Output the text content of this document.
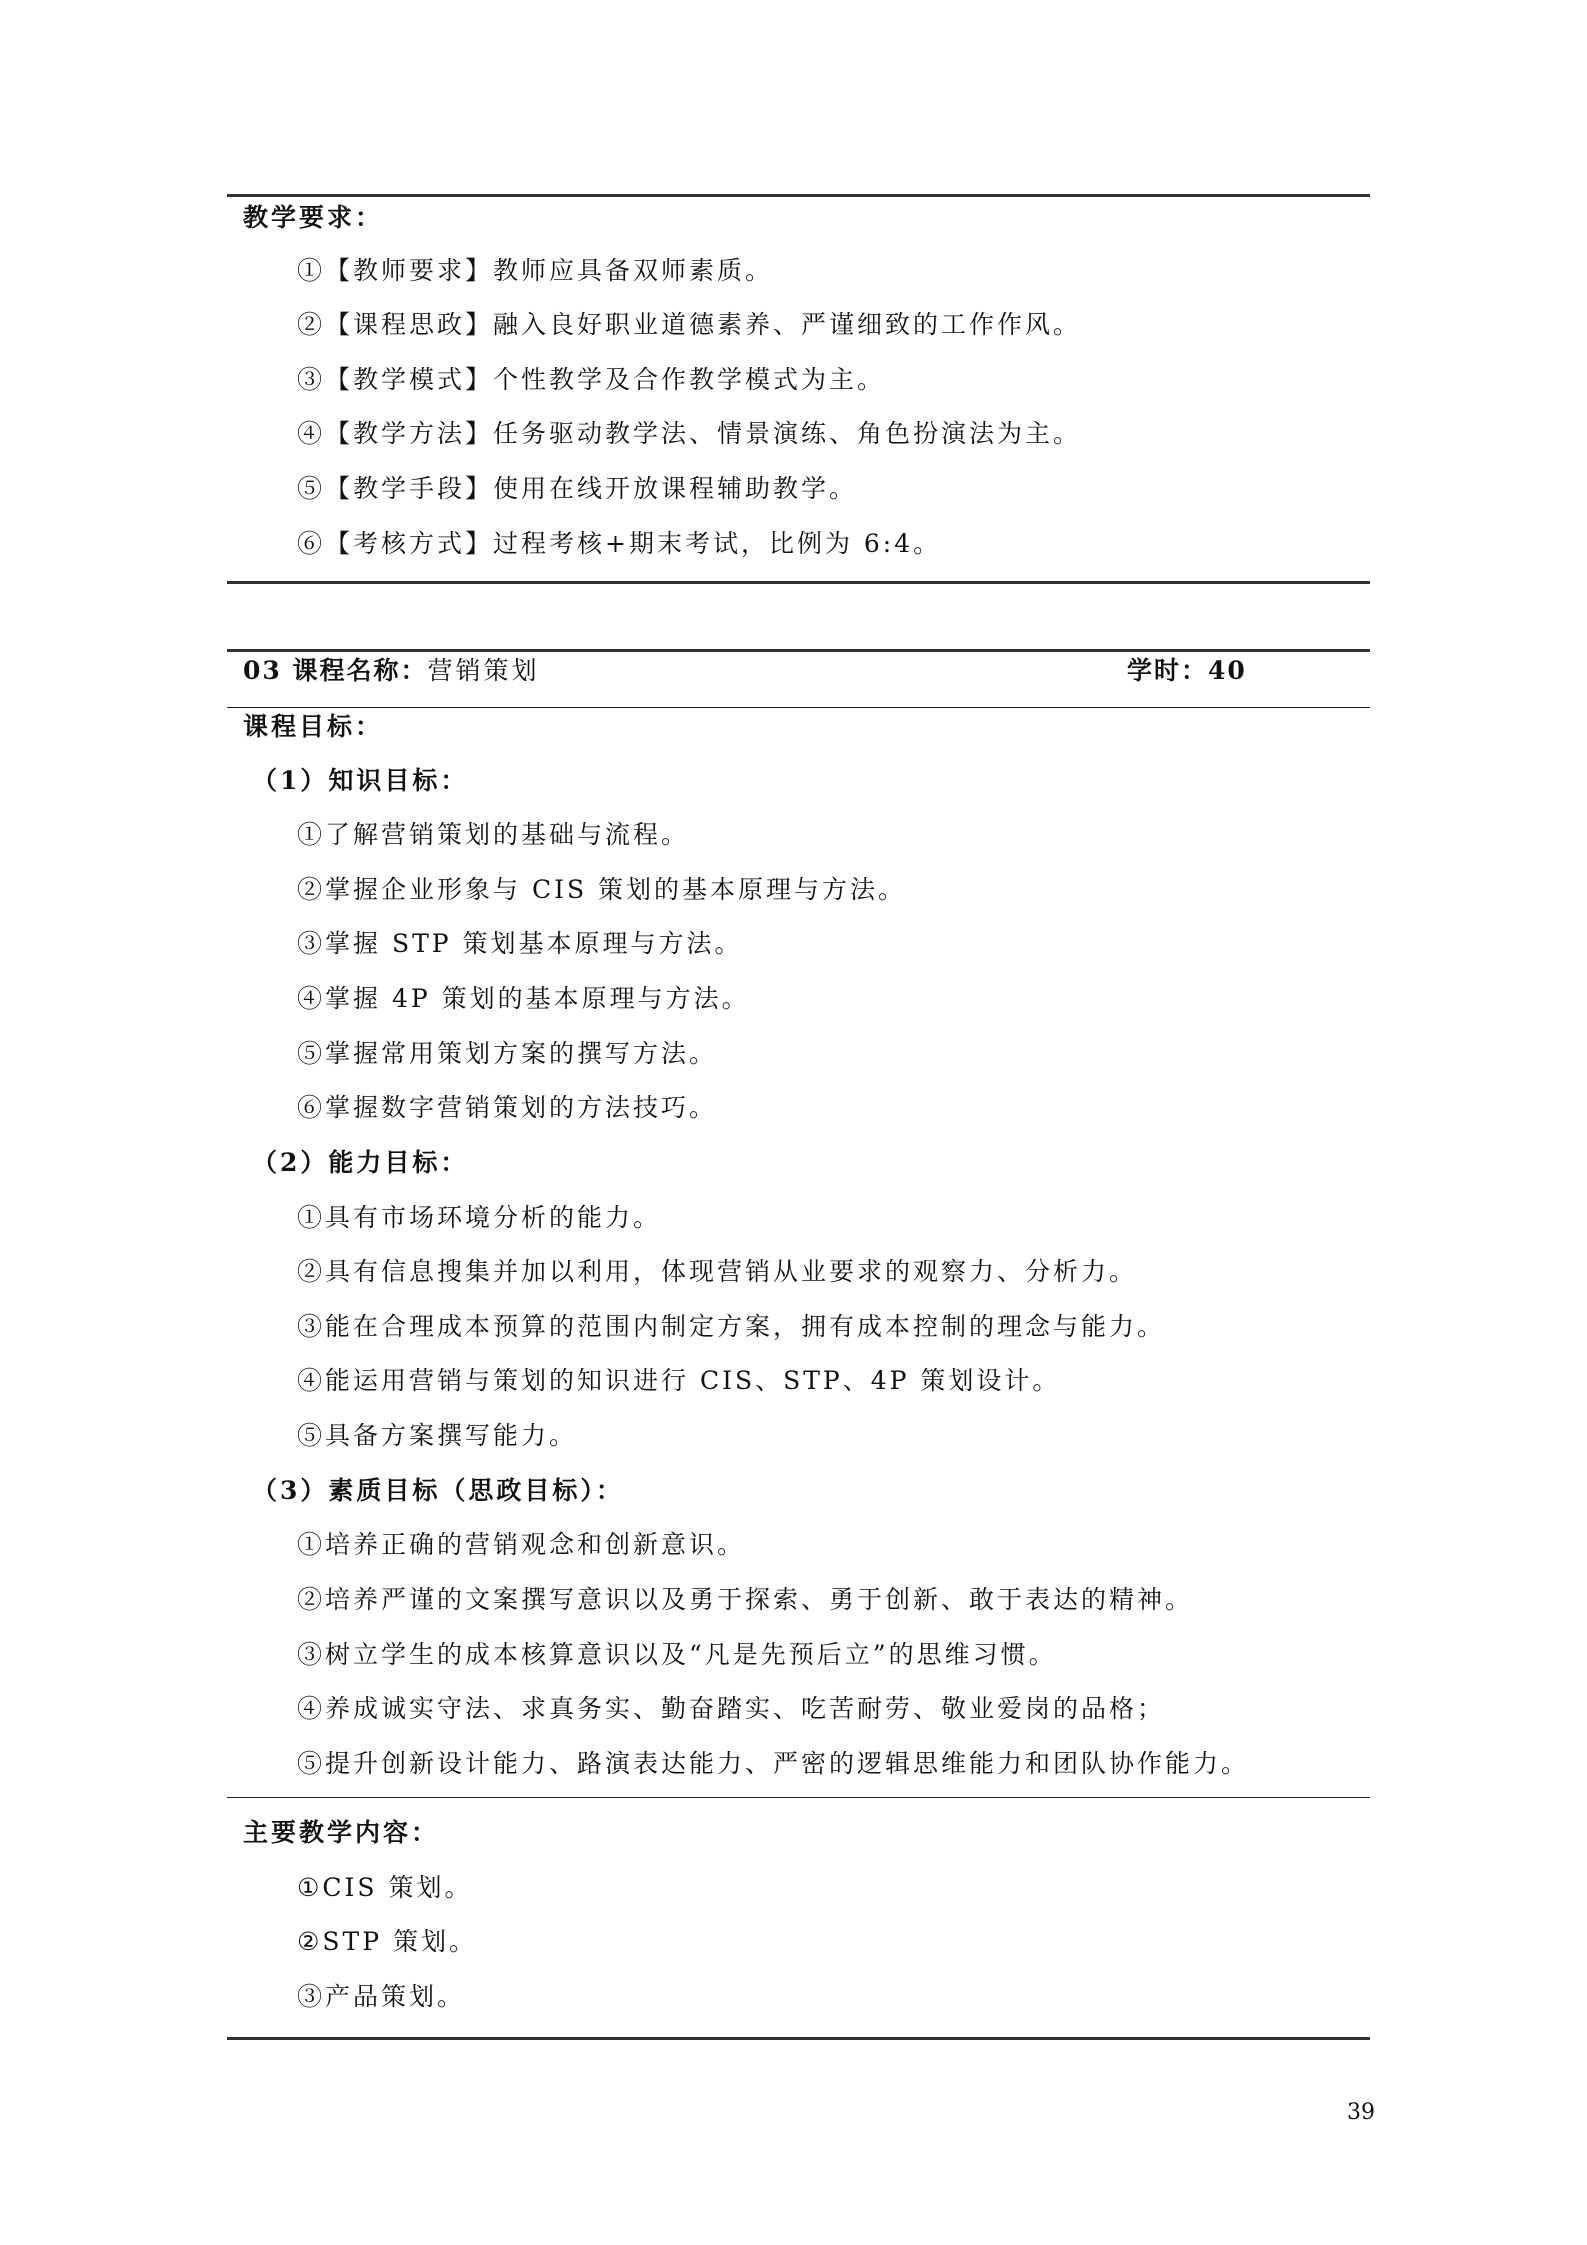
教学要求：
①【教师要求】教师应具备双师素质。
②【课程思政】融入良好职业道德素养、严谨细致的工作作风。
③【教学模式】个性教学及合作教学模式为主。
④【教学方法】任务驱动教学法、情景演练、角色扮演法为主。
⑤【教学手段】使用在线开放课程辅助教学。
⑥【考核方式】过程考核+期末考试，比例为 6:4。
03 课程名称：营销策划	学时：40
课程目标：
（1）知识目标：
①了解营销策划的基础与流程。
②掌握企业形象与 CIS 策划的基本原理与方法。
③掌握 STP 策划基本原理与方法。
④掌握 4P 策划的基本原理与方法。
⑤掌握常用策划方案的撰写方法。
⑥掌握数字营销策划的方法技巧。
（2）能力目标：
①具有市场环境分析的能力。
②具有信息搜集并加以利用，体现营销从业要求的观察力、分析力。
③能在合理成本预算的范围内制定方案，拥有成本控制的理念与能力。
④能运用营销与策划的知识进行 CIS、STP、4P 策划设计。
⑤具备方案撰写能力。
（3）素质目标（思政目标）：
①培养正确的营销观念和创新意识。
②培养严谨的文案撰写意识以及勇于探索、勇于创新、敢于表达的精神。
③树立学生的成本核算意识以及“凡是先预后立”的思维习惯。
④养成诚实守法、求真务实、勤奋踏实、吃苦耐劳、敬业爱岗的品格；
⑤提升创新设计能力、路演表达能力、严密的逻辑思维能力和团队协作能力。
主要教学内容：
①CIS 策划。
②STP 策划。
③产品策划。
39
